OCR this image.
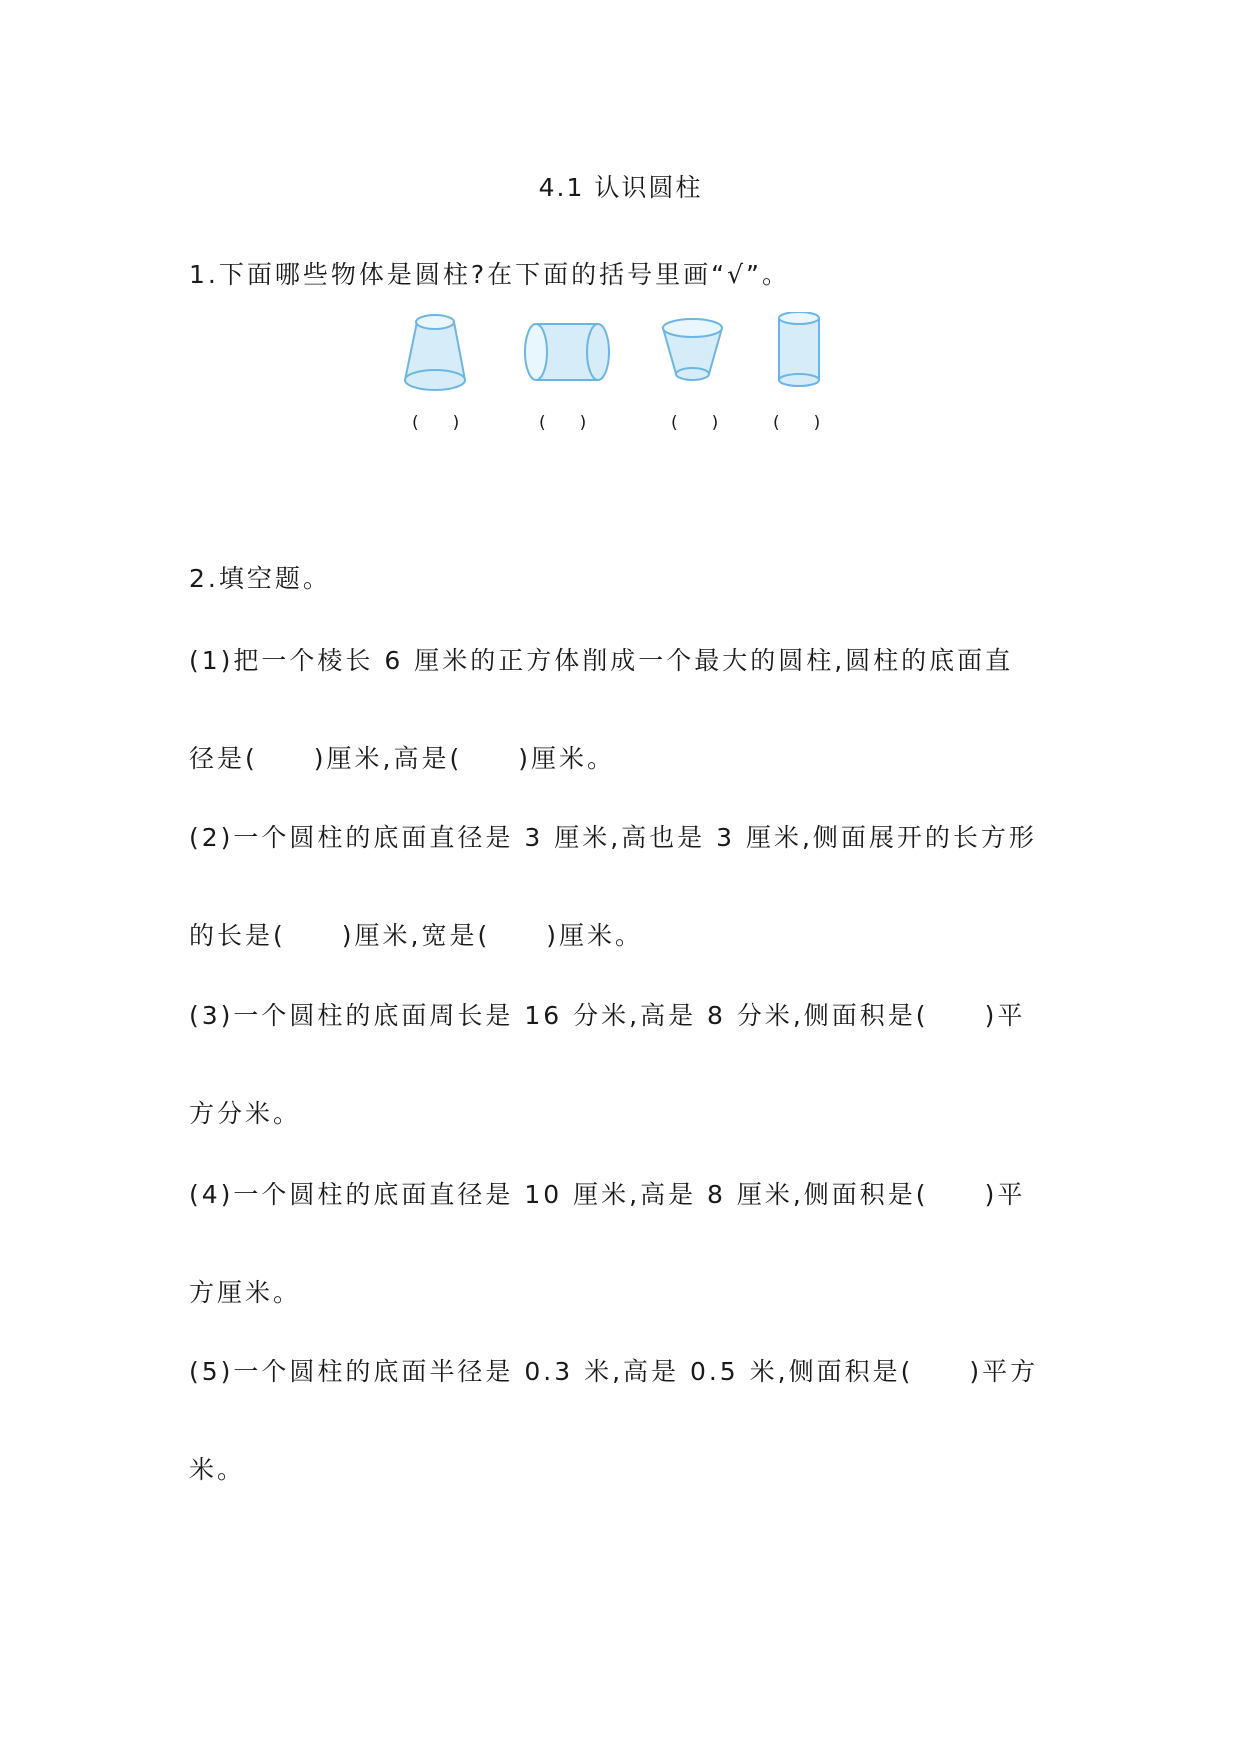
4.1 认识圆柱
1.下面哪些物体是圆柱?在下面的括号里画“√”。
(　　)	(　　)	(　　)	(　　)
2.填空题。
(1)把一个棱长 6 厘米的正方体削成一个最大的圆柱,圆柱的底面直
径是(　　)厘米,高是(　　)厘米。
(2)一个圆柱的底面直径是 3 厘米,高也是 3 厘米,侧面展开的长方形
的长是(　　)厘米,宽是(　　)厘米。
(3)一个圆柱的底面周长是 16 分米,高是 8 分米,侧面积是(　　)平
方分米。
(4)一个圆柱的底面直径是 10 厘米,高是 8 厘米,侧面积是(　　)平
方厘米。
(5)一个圆柱的底面半径是 0.3 米,高是 0.5 米,侧面积是(　　)平方
米。
